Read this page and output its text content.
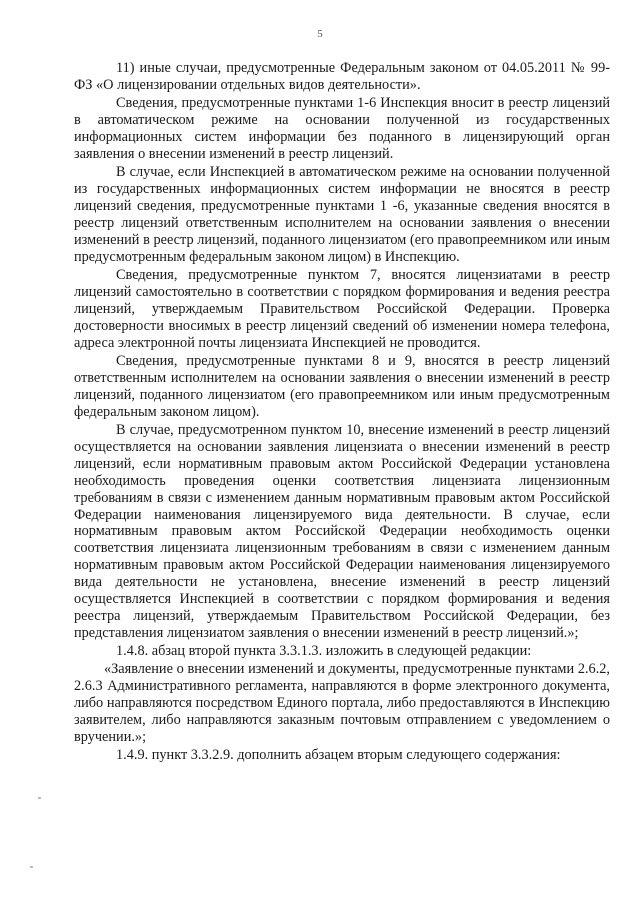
5

11) иные случаи, предусмотренные Федеральным законом от 04.05.2011 № 99-ФЗ «О лицензировании отдельных видов деятельности».

Сведения, предусмотренные пунктами 1-6 Инспекция вносит в реестр лицензий в автоматическом режиме на основании полученной из государственных информационных систем информации без поданного в лицензирующий орган заявления о внесении изменений в реестр лицензий.

В случае, если Инспекцией в автоматическом режиме на основании полученной из государственных информационных систем информации не вносятся в реестр лицензий сведения, предусмотренные пунктами 1 -6, указанные сведения вносятся в реестр лицензий ответственным исполнителем на основании заявления о внесении изменений в реестр лицензий, поданного лицензиатом (его правопреемником или иным предусмотренным федеральным законом лицом) в Инспекцию.

Сведения, предусмотренные пунктом 7, вносятся лицензиатами в реестр лицензий самостоятельно в соответствии с порядком формирования и ведения реестра лицензий, утверждаемым Правительством Российской Федерации. Проверка достоверности вносимых в реестр лицензий сведений об изменении номера телефона, адреса электронной почты лицензиата Инспекцией не проводится.

Сведения, предусмотренные пунктами 8 и 9, вносятся в реестр лицензий ответственным исполнителем на основании заявления о внесении изменений в реестр лицензий, поданного лицензиатом (его правопреемником или иным предусмотренным федеральным законом лицом).

В случае, предусмотренном пунктом 10, внесение изменений в реестр лицензий осуществляется на основании заявления лицензиата о внесении изменений в реестр лицензий, если нормативным правовым актом Российской Федерации установлена необходимость проведения оценки соответствия лицензиата лицензионным требованиям в связи с изменением данным нормативным правовым актом Российской Федерации наименования лицензируемого вида деятельности. В случае, если нормативным правовым актом Российской Федерации необходимость оценки соответствия лицензиата лицензионным требованиям в связи с изменением данным нормативным правовым актом Российской Федерации наименования лицензируемого вида деятельности не установлена, внесение изменений в реестр лицензий осуществляется Инспекцией в соответствии с порядком формирования и ведения реестра лицензий, утверждаемым Правительством Российской Федерации, без представления лицензиатом заявления о внесении изменений в реестр лицензий.»;

1.4.8. абзац второй пункта 3.3.1.3. изложить в следующей редакции:

«Заявление о внесении изменений и документы, предусмотренные пунктами 2.6.2, 2.6.3 Административного регламента, направляются в форме электронного документа, либо направляются посредством Единого портала, либо предоставляются в Инспекцию заявителем, либо направляются заказным почтовым отправлением с уведомлением о вручении.»;

1.4.9. пункт 3.3.2.9. дополнить абзацем вторым следующего содержания:
